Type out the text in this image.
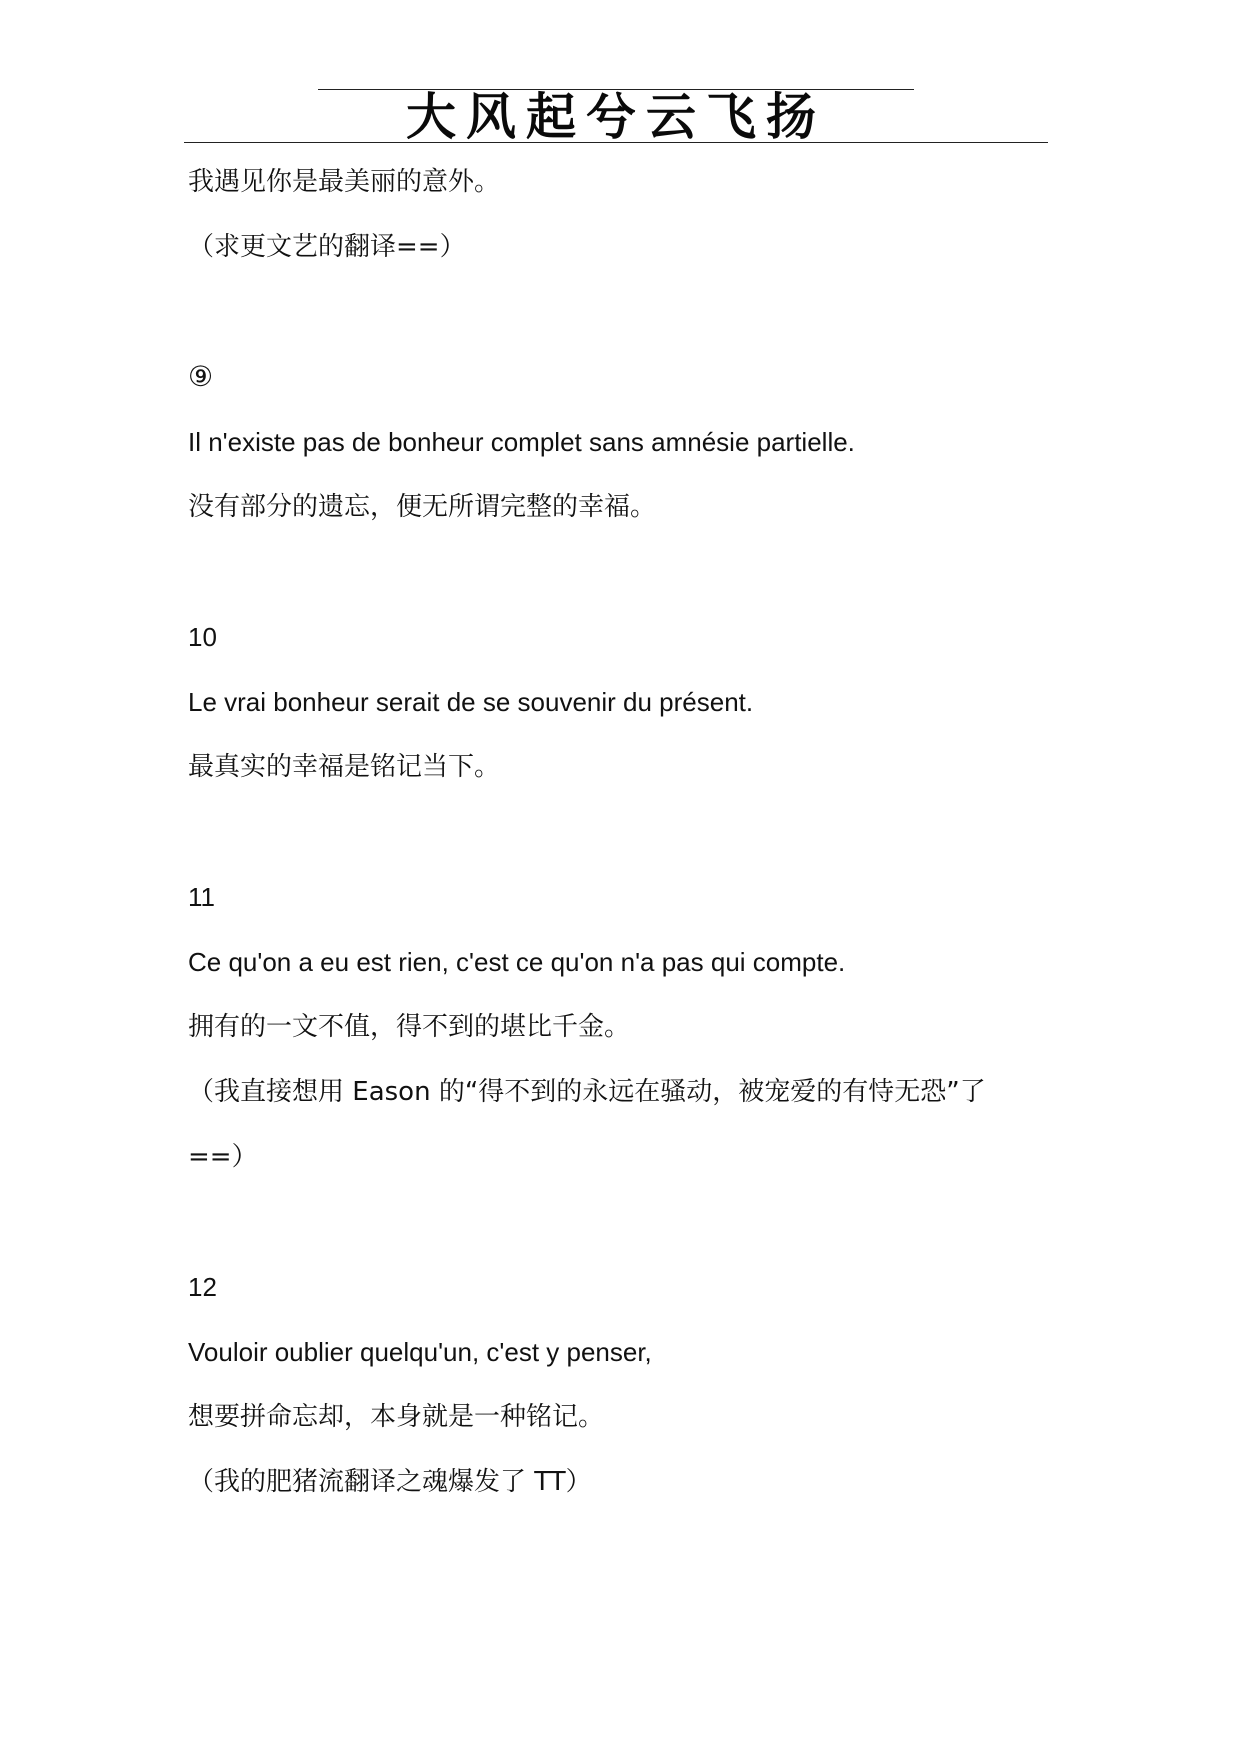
大风起兮云飞扬
我遇见你是最美丽的意外。
（求更文艺的翻译==）
⑨
Il n'existe pas de bonheur complet sans amnésie partielle.
没有部分的遗忘，便无所谓完整的幸福。
10
Le vrai bonheur serait de se souvenir du présent.
最真实的幸福是铭记当下。
11
Ce qu'on a eu est rien, c'est ce qu'on n'a pas qui compte.
拥有的一文不值，得不到的堪比千金。
（我直接想用 Eason 的“得不到的永远在骚动，被宠爱的有恃无恐”了
==）
12
Vouloir oublier quelqu'un, c'est y penser,
想要拼命忘却，本身就是一种铭记。
（我的肥猪流翻译之魂爆发了 TT）
